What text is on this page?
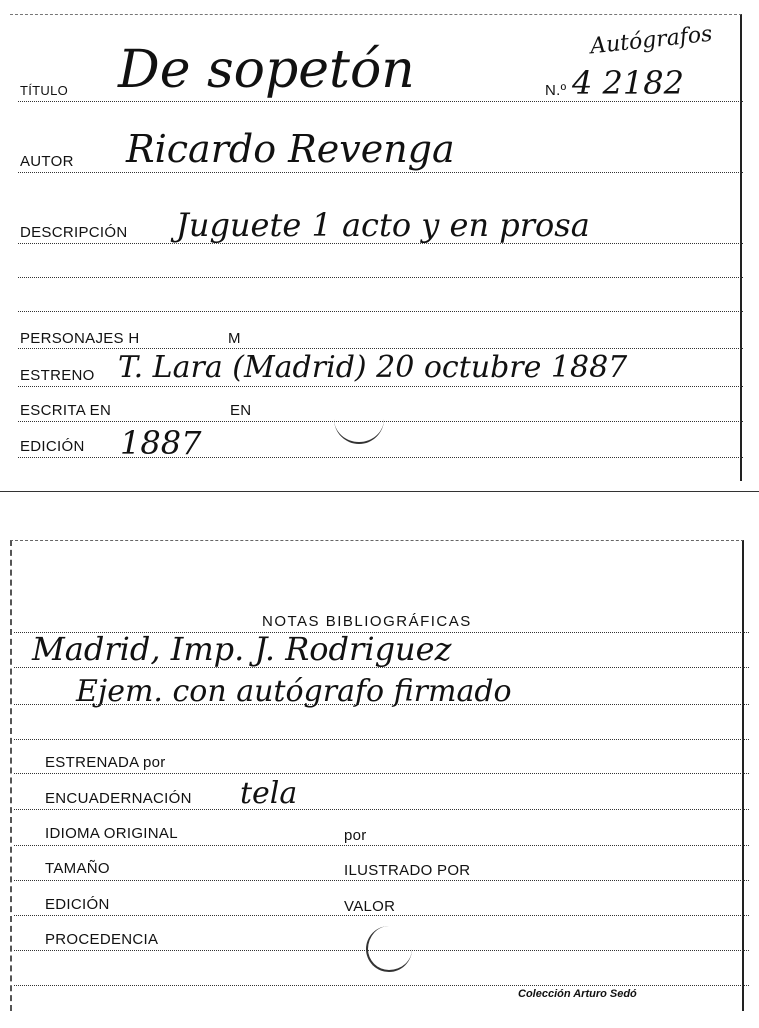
Autógrafos
TÍTULO De sopetón	N.º 4 2182
AUTOR Ricardo Revenga
DESCRIPCIÓN Juguete 1 acto y en prosa
PERSONAJES H	M
ESTRENO T. Lara (Madrid) 20 octubre 1887
ESCRITA EN	EN
EDICIÓN 1887
NOTAS BIBLIOGRÁFICAS
Madrid, Imp. J. Rodriguez
Ejem. con autógrafo firmado
ESTRENADA por
ENCUADERNACIÓN tela
IDIOMA ORIGINAL	por
TAMAÑO	ILUSTRADO POR
EDICIÓN	VALOR
PROCEDENCIA
Colección Arturo Sedó
